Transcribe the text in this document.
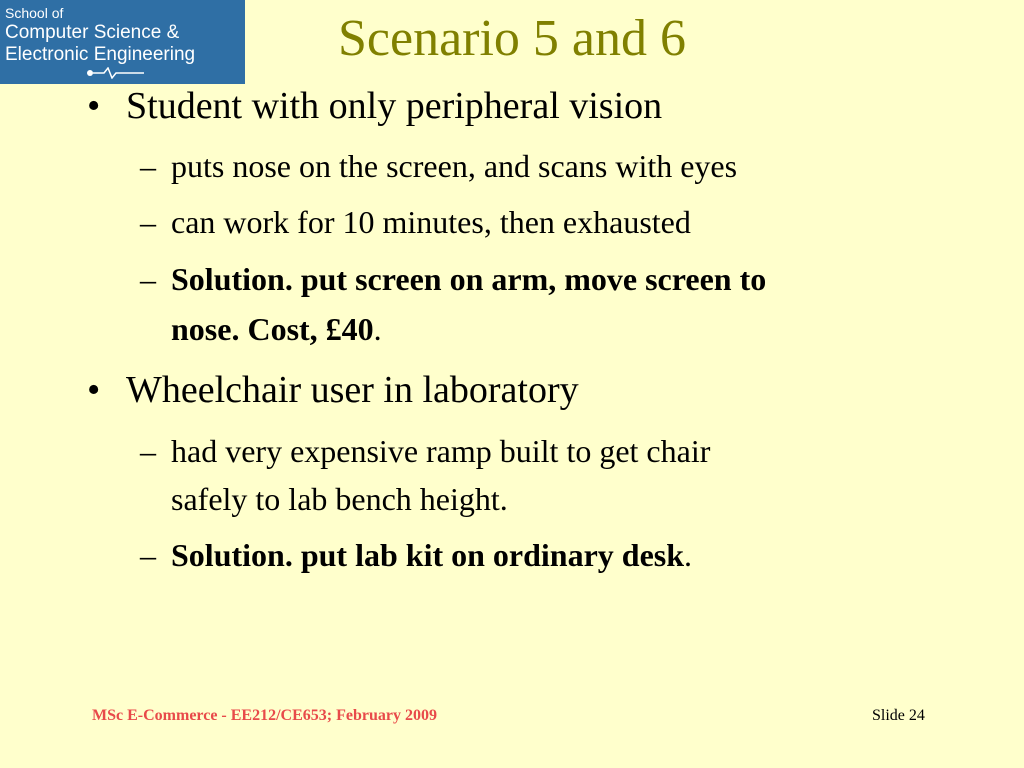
School of
Computer Science &
Electronic Engineering	Scenario 5 and 6
• Student with only peripheral vision
– puts nose on the screen, and scans with eyes
– can work for 10 minutes, then exhausted
– Solution. put screen on arm, move screen to
nose. Cost, £40.
• Wheelchair user in laboratory
– had very expensive ramp built to get chair
safely to lab bench height.
– Solution. put lab kit on ordinary desk.
MSc E-Commerce - EE212/CE653; February 2009	Slide 24
